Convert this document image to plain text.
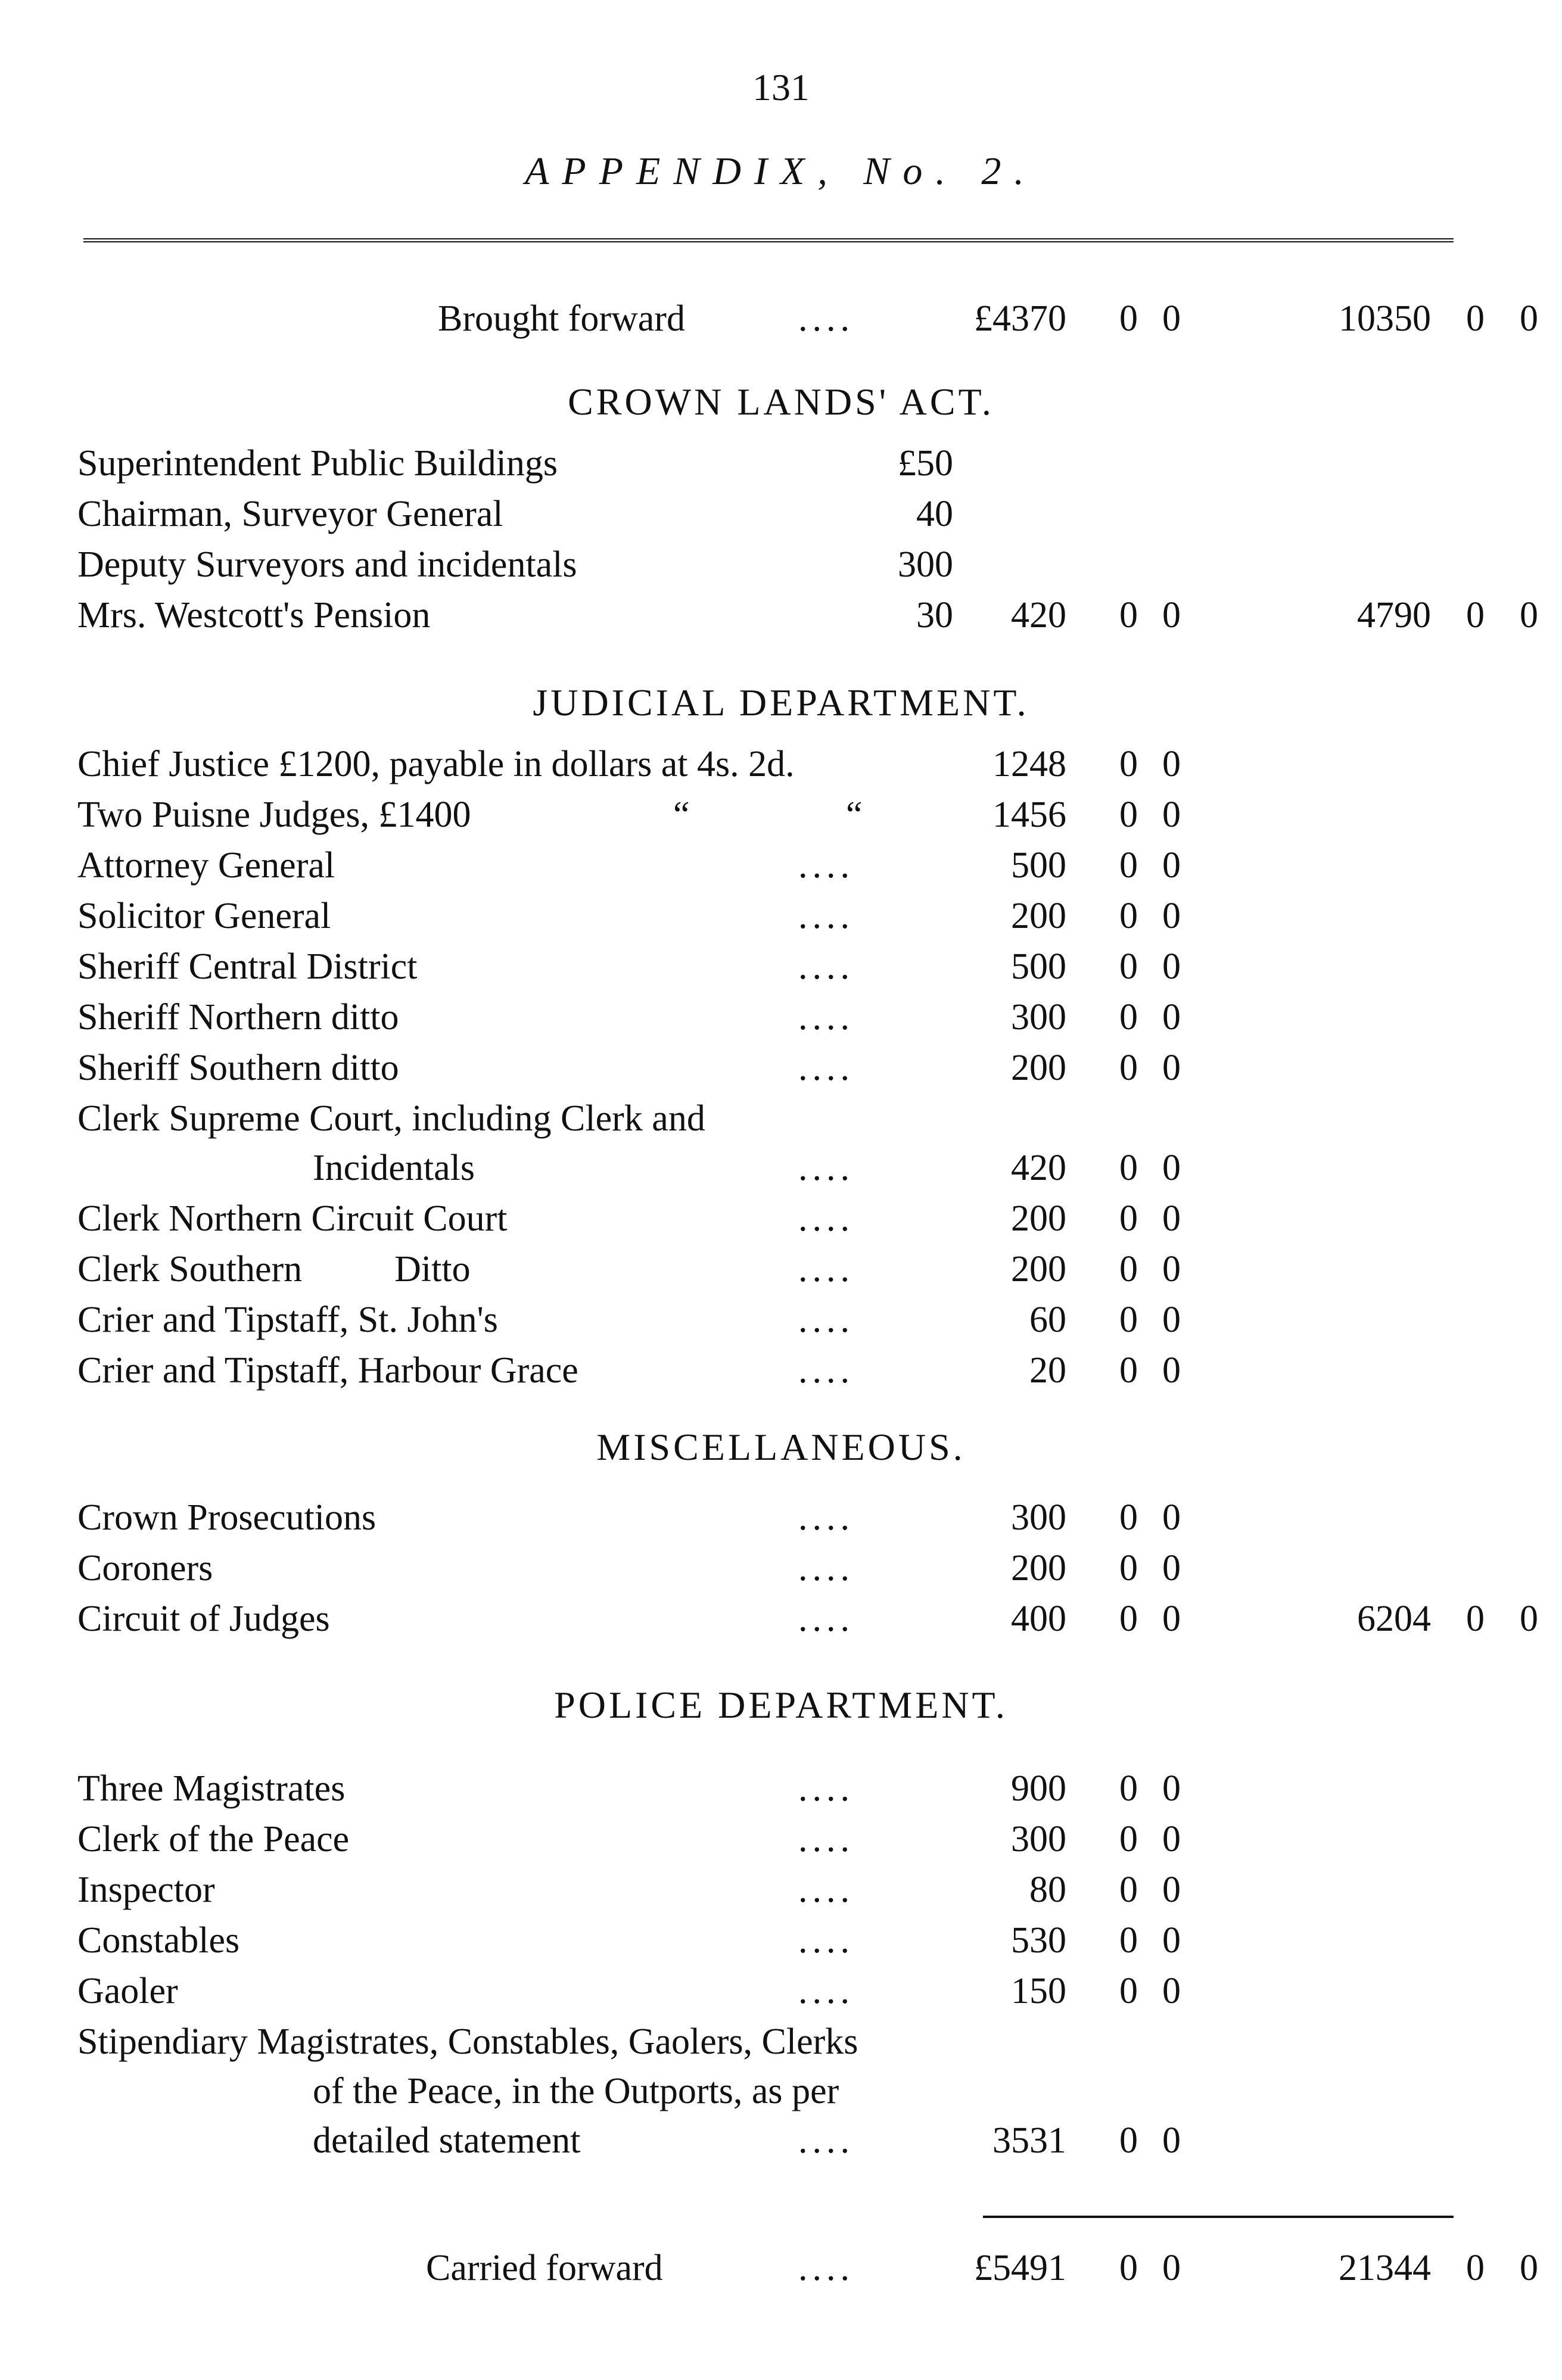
131
APPENDIX, No. 2.
Brought forward	....	£4370 0 0	10350 0 0
CROWN LANDS' ACT.
Superintendent Public Buildings	£50
Chairman, Surveyor General	40
Deputy Surveyors and incidentals	300
Mrs. Westcott's Pension	30 420 0 0	4790 0 0
JUDICIAL DEPARTMENT.
Chief Justice £1200, payable in dollars at 4s. 2d.	1248 0 0
Two Puisne Judges, £1400	“	“	1456 0 0
Attorney General	....	500 0 0
Solicitor General	....	200 0 0
Sheriff Central District	....	500 0 0
Sheriff Northern ditto	....	300 0 0
Sheriff Southern ditto	....	200 0 0
Clerk Supreme Court, including Clerk and
Incidentals	....	420 0 0
Clerk Northern Circuit Court	....	200 0 0
Clerk Southern          Ditto	....	200 0 0
Crier and Tipstaff, St. John's	....	60 0 0
Crier and Tipstaff, Harbour Grace	....	20 0 0
MISCELLANEOUS.
Crown Prosecutions	....	300 0 0
Coroners	....	200 0 0
Circuit of Judges	....	400 0 0	6204 0 0
POLICE DEPARTMENT.
Three Magistrates	....	900 0 0
Clerk of the Peace	....	300 0 0
Inspector	....	80 0 0
Constables	....	530 0 0
Gaoler	....	150 0 0
Stipendiary Magistrates, Constables, Gaolers, Clerks
of the Peace, in the Outports, as per
detailed statement	....	3531 0 0
Carried forward	....	£5491 0 0	21344 0 0
